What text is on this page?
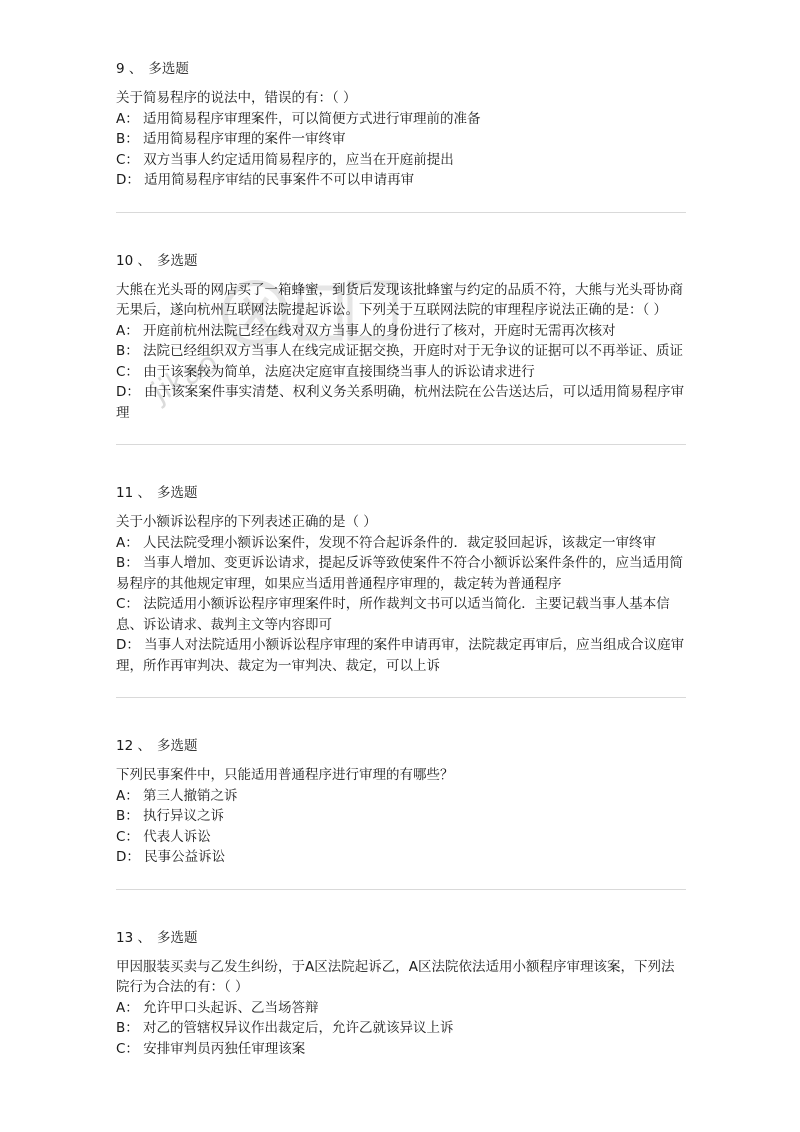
jikao
9 、 多选题

关于简易程序的说法中，错误的有：（ ）

A： 适用简易程序审理案件，可以简便方式进行审理前的准备
B： 适用简易程序审理的案件一审终审
C： 双方当事人约定适用简易程序的，应当在开庭前提出
D： 适用简易程序审结的民事案件不可以申请再审
10 、 多选题

大熊在光头哥的网店买了一箱蜂蜜，到货后发现该批蜂蜜与约定的品质不符，大熊与光头哥协商无果后，遂向杭州互联网法院提起诉讼。下列关于互联网法院的审理程序说法正确的是：（ ）

A： 开庭前杭州法院已经在线对双方当事人的身份进行了核对，开庭时无需再次核对
B： 法院已经组织双方当事人在线完成证据交换，开庭时对于无争议的证据可以不再举证、质证
C： 由于该案较为简单，法庭决定庭审直接围绕当事人的诉讼请求进行
D： 由于该案案件事实清楚、权利义务关系明确，杭州法院在公告送达后，可以适用简易程序审理
11 、 多选题

关于小额诉讼程序的下列表述正确的是（ ）

A： 人民法院受理小额诉讼案件，发现不符合起诉条件的．裁定驳回起诉，该裁定一审终审
B： 当事人增加、变更诉讼请求，提起反诉等致使案件不符合小额诉讼案件条件的，应当适用简易程序的其他规定审理，如果应当适用普通程序审理的，裁定转为普通程序
C： 法院适用小额诉讼程序审理案件时，所作裁判文书可以适当简化．主要记载当事人基本信息、诉讼请求、裁判主文等内容即可
D： 当事人对法院适用小额诉讼程序审理的案件申请再审，法院裁定再审后，应当组成合议庭审理，所作再审判决、裁定为一审判决、裁定，可以上诉
12 、 多选题

下列民事案件中，只能适用普通程序进行审理的有哪些？

A： 第三人撤销之诉
B： 执行异议之诉
C： 代表人诉讼
D： 民事公益诉讼
13 、 多选题

甲因服装买卖与乙发生纠纷，于A区法院起诉乙，A区法院依法适用小额程序审理该案，下列法院行为合法的有：（ ）

A： 允许甲口头起诉、乙当场答辩
B： 对乙的管辖权异议作出裁定后，允许乙就该异议上诉
C： 安排审判员丙独任审理该案
